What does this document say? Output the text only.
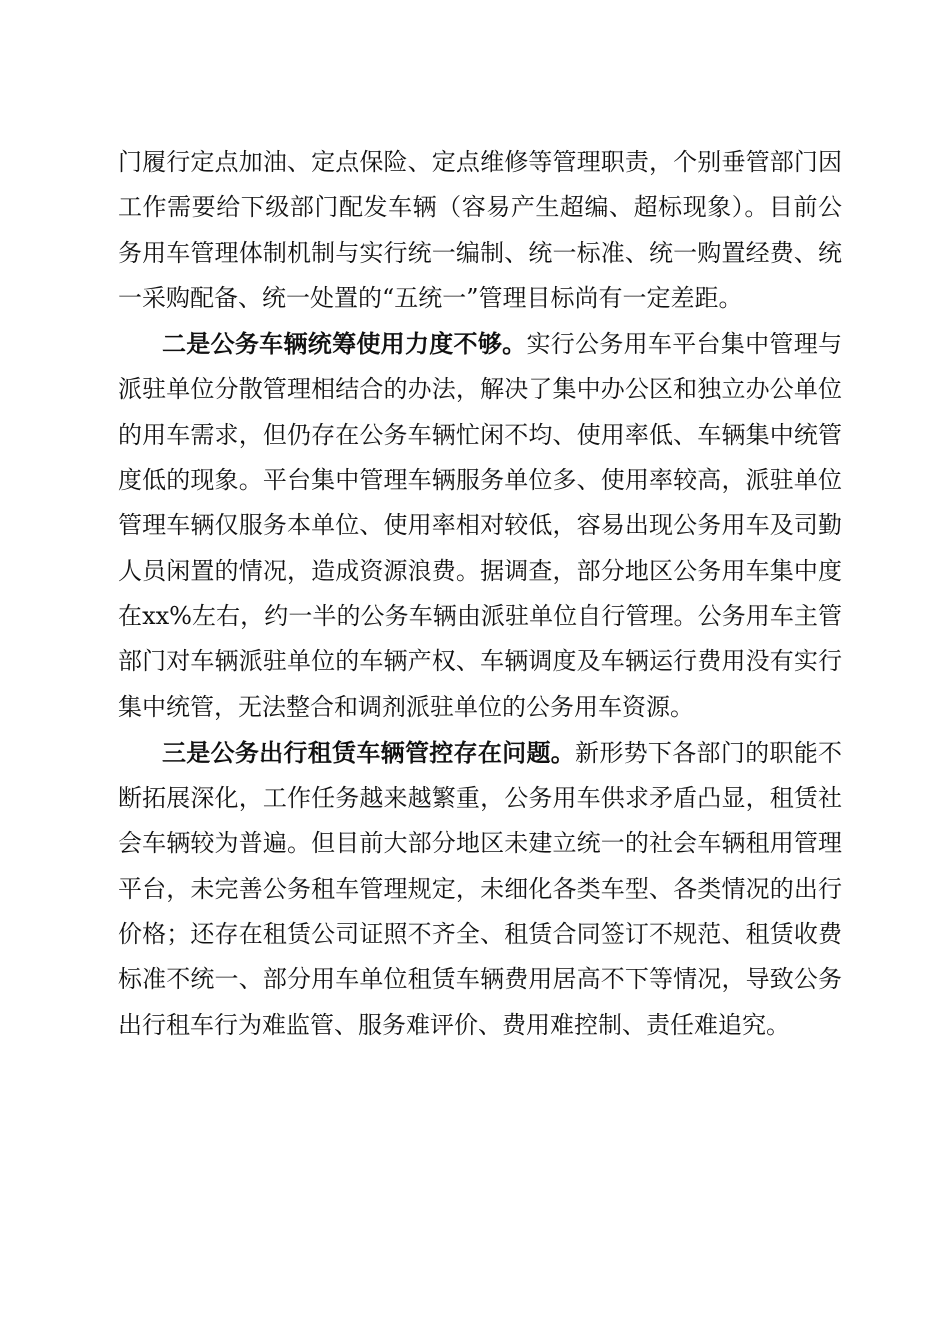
门履行定点加油、定点保险、定点维修等管理职责，个别垂管部门因工作需要给下级部门配发车辆（容易产生超编、超标现象）。目前公务用车管理体制机制与实行统一编制、统一标准、统一购置经费、统一采购配备、统一处置的“五统一”管理目标尚有一定差距。

二是公务车辆统筹使用力度不够。实行公务用车平台集中管理与派驻单位分散管理相结合的办法，解决了集中办公区和独立办公单位的用车需求，但仍存在公务车辆忙闲不均、使用率低、车辆集中统管度低的现象。平台集中管理车辆服务单位多、使用率较高，派驻单位管理车辆仅服务本单位、使用率相对较低，容易出现公务用车及司勤人员闲置的情况，造成资源浪费。据调查，部分地区公务用车集中度在xx%左右，约一半的公务车辆由派驻单位自行管理。公务用车主管部门对车辆派驻单位的车辆产权、车辆调度及车辆运行费用没有实行集中统管，无法整合和调剂派驻单位的公务用车资源。

三是公务出行租赁车辆管控存在问题。新形势下各部门的职能不断拓展深化，工作任务越来越繁重，公务用车供求矛盾凸显，租赁社会车辆较为普遍。但目前大部分地区未建立统一的社会车辆租用管理平台，未完善公务租车管理规定，未细化各类车型、各类情况的出行价格；还存在租赁公司证照不齐全、租赁合同签订不规范、租赁收费标准不统一、部分用车单位租赁车辆费用居高不下等情况，导致公务出行租车行为难监管、服务难评价、费用难控制、责任难追究。
